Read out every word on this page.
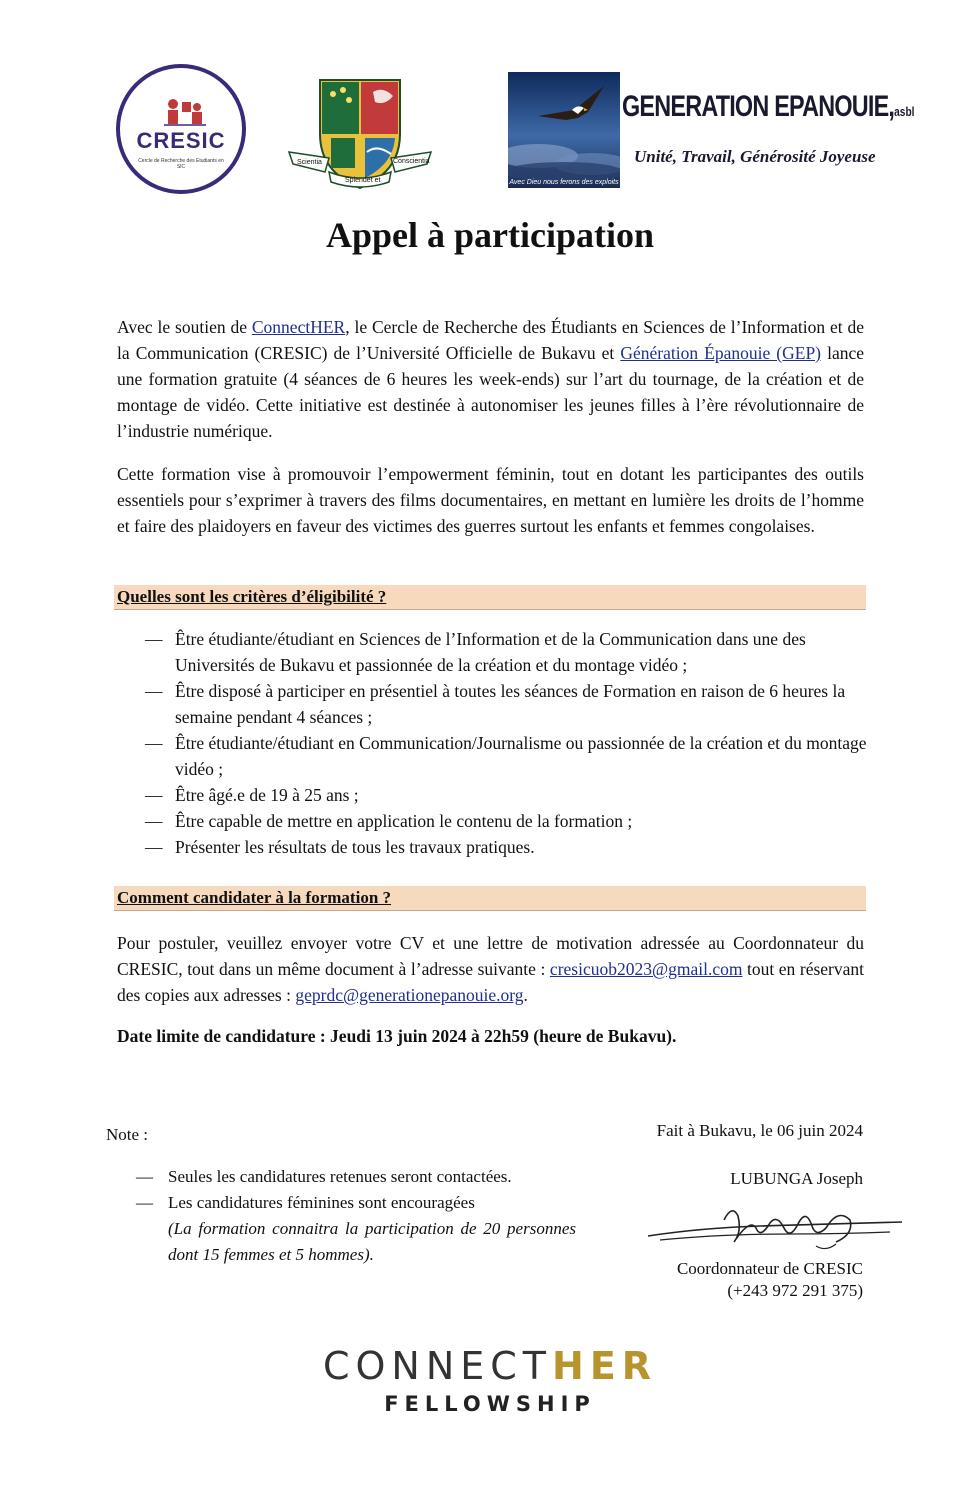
CRESIC
Cercle de Recherche des Etudiants en SIC
Scientia	Conscientia
Splendet et	Avec Dieu nous ferons des exploits
GENERATION EPANOUIE,asbl
Unité, Travail, Générosité Joyeuse
Appel à participation

Avec le soutien de ConnectHER, le Cercle de Recherche des Étudiants en Sciences de l’Information et de la Communication (CRESIC) de l’Université Officielle de Bukavu et Génération Épanouie (GEP) lance une formation gratuite (4 séances de 6 heures les week-ends) sur l’art du tournage, de la création et de montage de vidéo. Cette initiative est destinée à autonomiser les jeunes filles à l’ère révolutionnaire de l’industrie numérique.

Cette formation vise à promouvoir l’empowerment féminin, tout en dotant les participantes des outils essentiels pour s’exprimer à travers des films documentaires, en mettant en lumière les droits de l’homme et faire des plaidoyers en faveur des victimes des guerres surtout les enfants et femmes congolaises.

Quelles sont les critères d’éligibilité ?
— Être étudiante/étudiant en Sciences de l’Information et de la Communication dans une des Universités de Bukavu et passionnée de la création et du montage vidéo ;
— Être disposé à participer en présentiel à toutes les séances de Formation en raison de 6 heures la semaine pendant 4 séances ;
— Être étudiante/étudiant en Communication/Journalisme ou passionnée de la création et du montage vidéo ;
— Être âgé.e de 19 à 25 ans ;
— Être capable de mettre en application le contenu de la formation ;
— Présenter les résultats de tous les travaux pratiques.
Comment candidater à la formation ?

Pour postuler, veuillez envoyer votre CV et une lettre de motivation adressée au Coordonnateur du CRESIC, tout dans un même document à l’adresse suivante : cresicuob2023@gmail.com tout en réservant des copies aux adresses : geprdc@generationepanouie.org.

Date limite de candidature : Jeudi 13 juin 2024 à 22h59 (heure de Bukavu).
Note :
— Seules les candidatures retenues seront contactées.
— Les candidatures féminines sont encouragées
(La formation connaitra la participation de 20 personnes dont 15 femmes et 5 hommes).
Fait à Bukavu, le 06 juin 2024
LUBUNGA Joseph
Coordonnateur de CRESIC
(+243 972 291 375)
CONNECTHER
FELLOWSHIP
